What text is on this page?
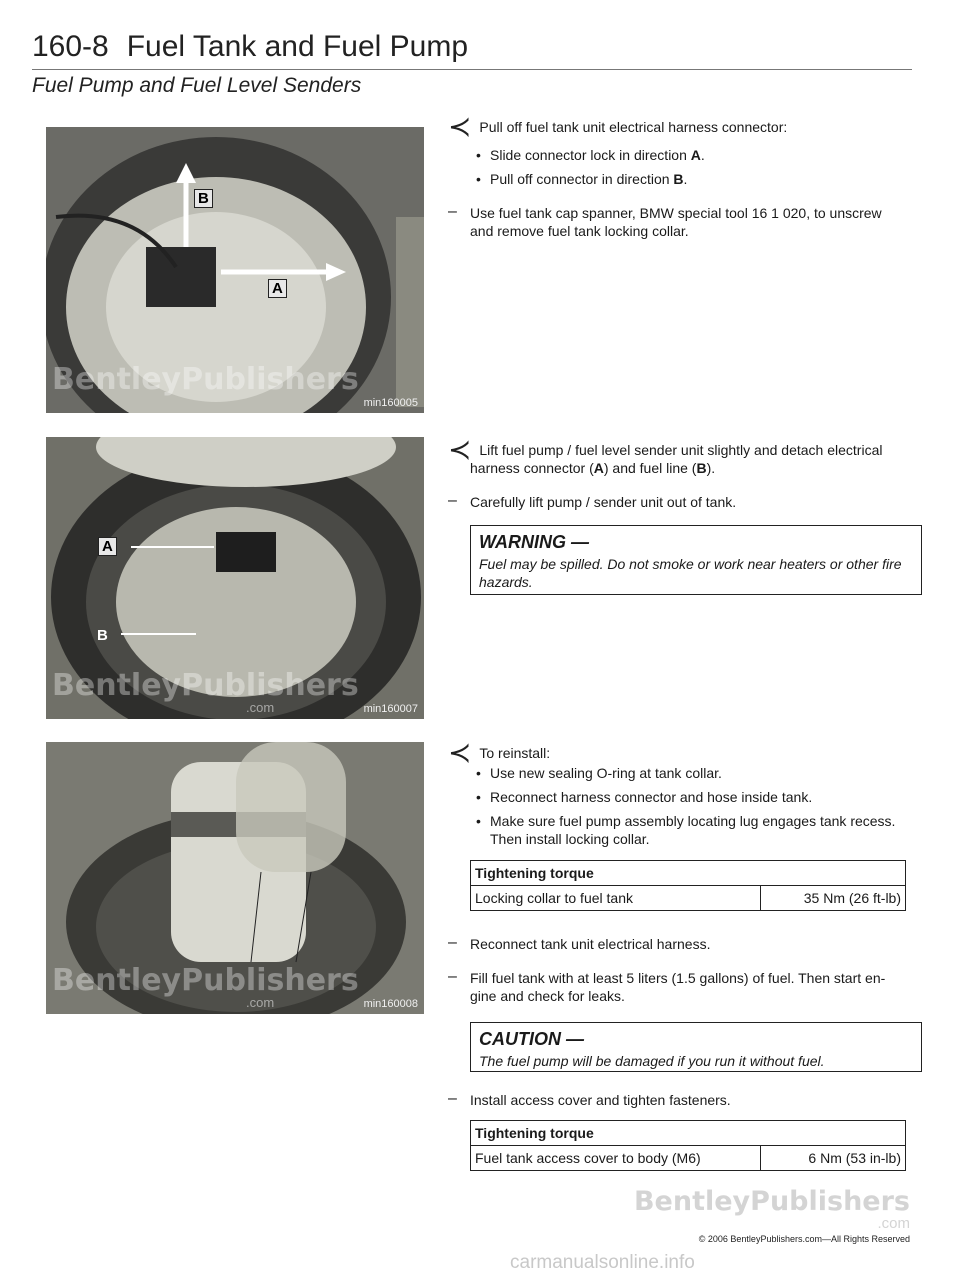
160-8 Fuel Tank and Fuel Pump
Fuel Pump and Fuel Level Senders
B
A
BentleyPublishers
min160005
A
B
BentleyPublishers
.com	min160007
BentleyPublishers
.com	min160008
≺ Pull off fuel tank unit electrical harness connector:
• Slide connector lock in direction A.
• Pull off connector in direction B.
– Use fuel tank cap spanner, BMW special tool 16 1 020, to unscrew
and remove fuel tank locking collar.
≺ Lift fuel pump / fuel level sender unit slightly and detach electrical
harness connector (A) and fuel line (B).
– Carefully lift pump / sender unit out of tank.
WARNING —
Fuel may be spilled. Do not smoke or work near heaters or other fire
hazards.
≺ To reinstall:
• Use new sealing O-ring at tank collar.
• Reconnect harness connector and hose inside tank.
• Make sure fuel pump assembly locating lug engages tank recess.
Then install locking collar.
Tightening torque
Locking collar to fuel tank	35 Nm (26 ft-lb)
– Reconnect tank unit electrical harness.
– Fill fuel tank with at least 5 liters (1.5 gallons) of fuel. Then start en-
gine and check for leaks.
CAUTION —
The fuel pump will be damaged if you run it without fuel.
– Install access cover and tighten fasteners.
Tightening torque
Fuel tank access cover to body (M6)	6 Nm (53 in-lb)
BentleyPublishers
.com
© 2006 BentleyPublishers.com—All Rights Reserved
carmanualsonline.info
